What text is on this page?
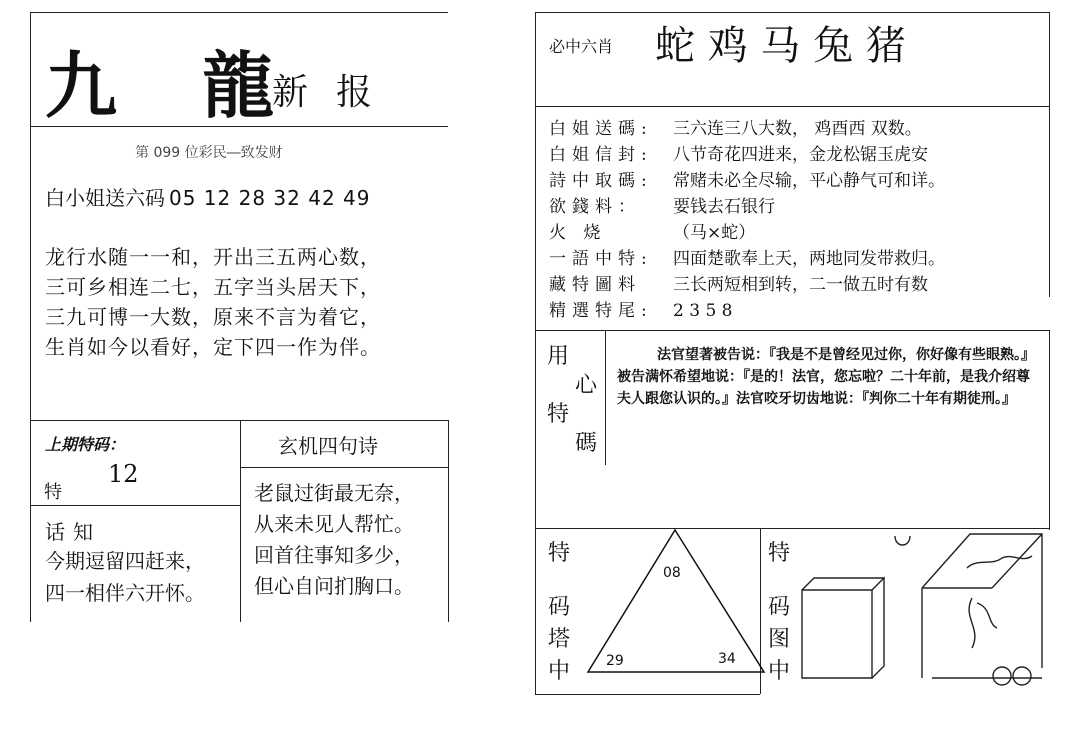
九 龍
新报
第 099 位彩民―致发财
白小姐送六码 05 12 28 32 42 49
龙行水随一一和，开出三五两心数，
三可乡相连二七，五字当头居天下，
三九可博一大数，原来不言为着它，
生肖如今以看好，定下四一作为伴。
上期特码：
特
12
话知
今期逗留四赶来，
四一相伴六开怀。
玄机四句诗
老鼠过街最无奈，
从来未见人帮忙。
回首往事知多少，
但心自问扪胸口。
必中六肖 蛇 鸡 马 兔 猪
白姐送碼: 三六连三八大数， 鸡酉西 双数。
白姐信封: 八节奇花四进来，金龙松锯玉虎安
詩中取碼: 常赌未必全尽输，平心静气可和详。
欲錢料： 要钱去石银行
火 烧	（马×蛇）
一語中特: 四面楚歌奉上天，两地同发带救归。
藏特圖料 三长两短相到转，二一做五时有数
精選特尾: 2 3 5 8
用
心
特
碼

法官望著被告说：『我是不是曾经见过你，你好像有些眼熟。』被告满怀希望地说：『是的！法官，您忘啦？二十年前，是我介绍尊夫人跟您认识的。』法官咬牙切齿地说：『判你二十年有期徒刑。』

特
码
塔
中
特
码
图
中
08
29	34
